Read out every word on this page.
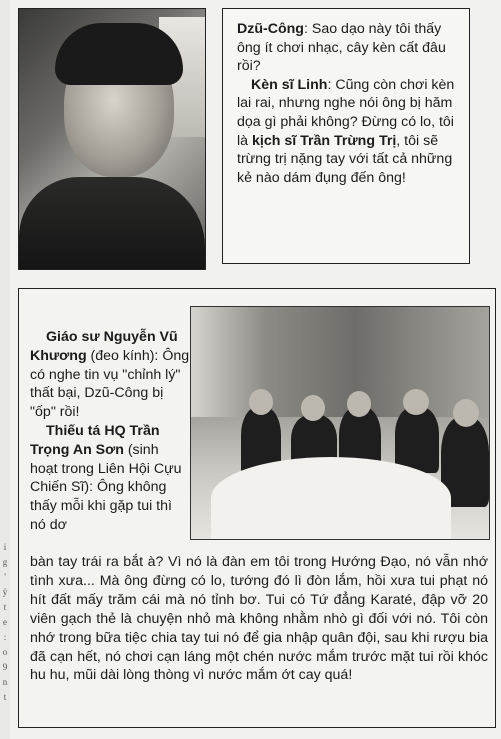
i
g
'
ÿ
t
e
:
o
9
n
t

Dzũ-Công: Sao dạo này tôi thấy ông ít chơi nhạc, cây kèn cất đâu rồi?

Kèn sĩ Linh: Cũng còn chơi kèn lai rai, nhưng nghe nói ông bị hăm dọa gì phải không? Đừng có lo, tôi là kịch sĩ Trần Trừng Trị, tôi sẽ trừng trị nặng tay với tất cả những kẻ nào dám đụng đến ông!

Giáo sư Nguyễn Vũ Khương (đeo kính): Ông có nghe tin vụ "chỉnh lý" thất bại, Dzũ-Công bị "ốp" rồi!

Thiếu tá HQ Trần Trọng An Sơn (sinh hoạt trong Liên Hội Cựu Chiến Sĩ): Ông không thấy mỗi khi gặp tui thì nó dơ

bàn tay trái ra bắt à? Vì nó là đàn em tôi trong Hướng Đạo, nó vẫn nhớ tình xưa... Mà ông đừng có lo, tướng đó lì đòn lắm, hồi xưa tui phạt nó hít đất mấy trăm cái mà nó tỉnh bơ. Tui có Tứ đẳng Karaté, đập vỡ 20 viên gạch thẻ là chuyện nhỏ mà không nhằm nhò gì đối với nó. Tôi còn nhớ trong bữa tiệc chia tay tui nó để gia nhập quân đội, sau khi rượu bia đã cạn hết, nó chơi cạn láng một chén nước mắm trước mặt tui rồi khóc hu hu, mũi dài lòng thòng vì nước mắm ớt cay quá!
